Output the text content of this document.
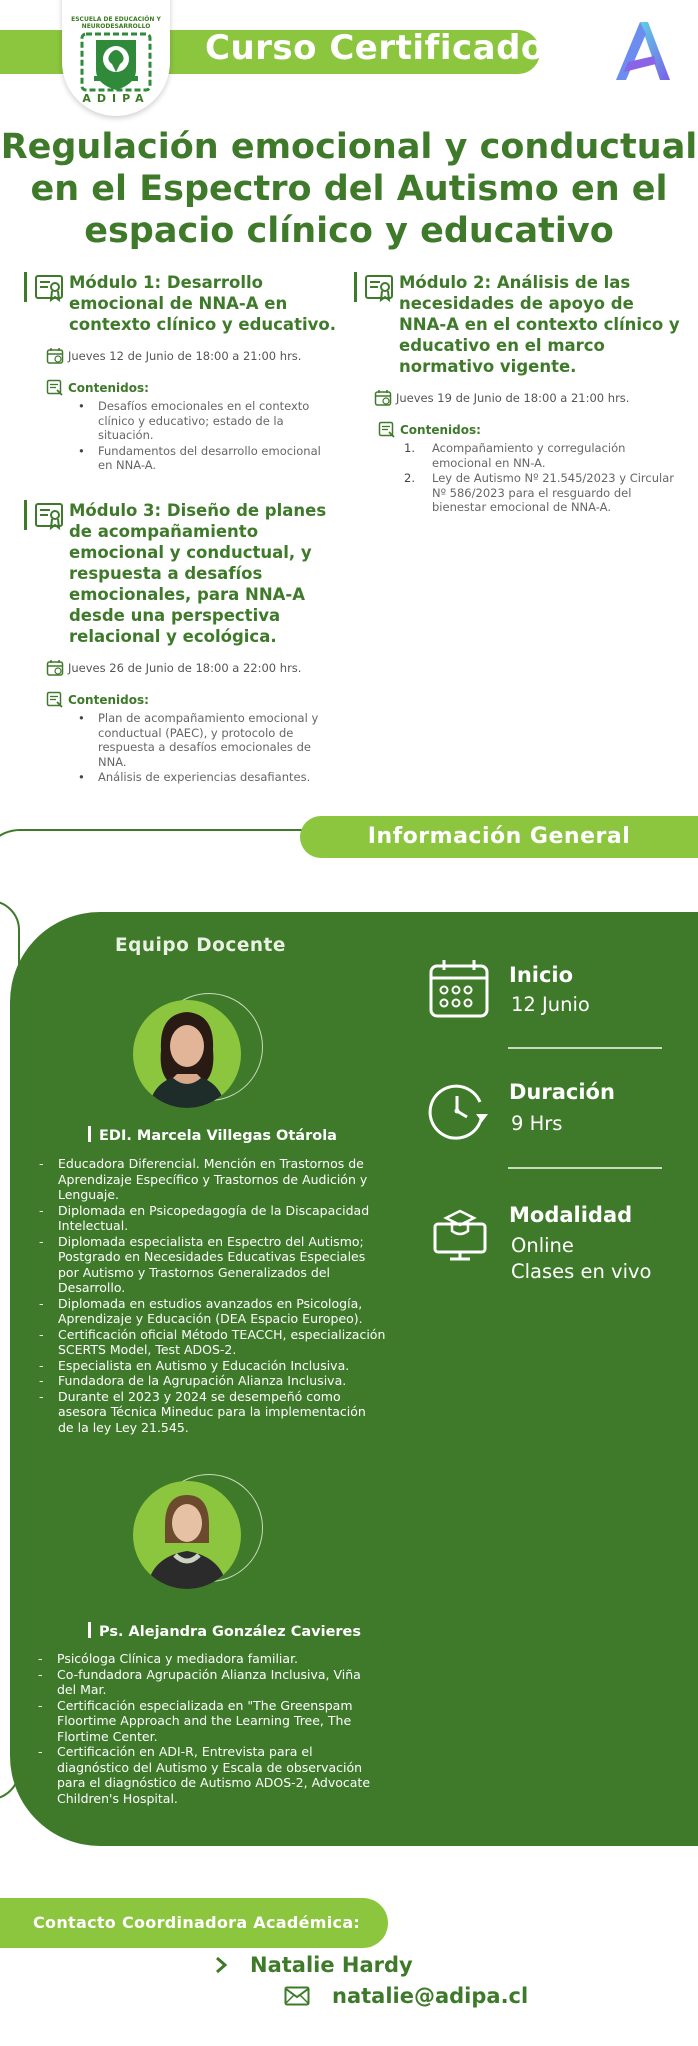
Curso Certificado
ESCUELA DE EDUCACIÓN Y NEURODESARROLLO
ADIPA
Regulación emocional y conductual
en el Espectro del Autismo en el
espacio clínico y educativo
Módulo 1: Desarrollo
emocional de NNA-A en
contexto clínico y educativo.
Jueves 12 de Junio de 18:00 a 21:00 hrs.
Contenidos:
• Desafíos emocionales en el contexto
clínico y educativo; estado de la
situación.
• Fundamentos del desarrollo emocional
en NNA-A.
Módulo 2: Análisis de las
necesidades de apoyo de
NNA-A en el contexto clínico y
educativo en el marco
normativo vigente.
Jueves 19 de Junio de 18:00 a 21:00 hrs.
Contenidos:
1. Acompañamiento y corregulación
emocional en NN-A.
2. Ley de Autismo Nº 21.545/2023 y Circular
Nº 586/2023 para el resguardo del
bienestar emocional de NNA-A.
Módulo 3: Diseño de planes
de acompañamiento
emocional y conductual, y
respuesta a desafíos
emocionales, para NNA-A
desde una perspectiva
relacional y ecológica.
Jueves 26 de Junio de 18:00 a 22:00 hrs.
Contenidos:
• Plan de acompañamiento emocional y
conductual (PAEC), y protocolo de
respuesta a desafíos emocionales de
NNA.
• Análisis de experiencias desafiantes.
Información General
Equipo Docente
EDI. Marcela Villegas Otárola
- Educadora Diferencial. Mención en Trastornos de
Aprendizaje Específico y Trastornos de Audición y
Lenguaje.
- Diplomada en Psicopedagogía de la Discapacidad
Intelectual.
- Diplomada especialista en Espectro del Autismo;
Postgrado en Necesidades Educativas Especiales
por Autismo y Trastornos Generalizados del
Desarrollo.
- Diplomada en estudios avanzados en Psicología,
Aprendizaje y Educación (DEA Espacio Europeo).
- Certificación oficial Método TEACCH, especialización
SCERTS Model, Test ADOS-2.
- Especialista en Autismo y Educación Inclusiva.
- Fundadora de la Agrupación Alianza Inclusiva.
- Durante el 2023 y 2024 se desempeñó como
asesora Técnica Mineduc para la implementación
de la ley Ley 21.545.
Ps. Alejandra González Cavieres
- Psicóloga Clínica y mediadora familiar.
- Co-fundadora Agrupación Alianza Inclusiva, Viña
del Mar.
- Certificación especializada en "The Greenspam
Floortime Approach and the Learning Tree, The
Flortime Center.
- Certificación en ADI-R, Entrevista para el
diagnóstico del Autismo y Escala de observación
para el diagnóstico de Autismo ADOS-2, Advocate
Children's Hospital.
Inicio
12 Junio
Duración
9 Hrs
Modalidad
Online
Clases en vivo
Contacto Coordinadora Académica:
Natalie Hardy
natalie@adipa.cl
